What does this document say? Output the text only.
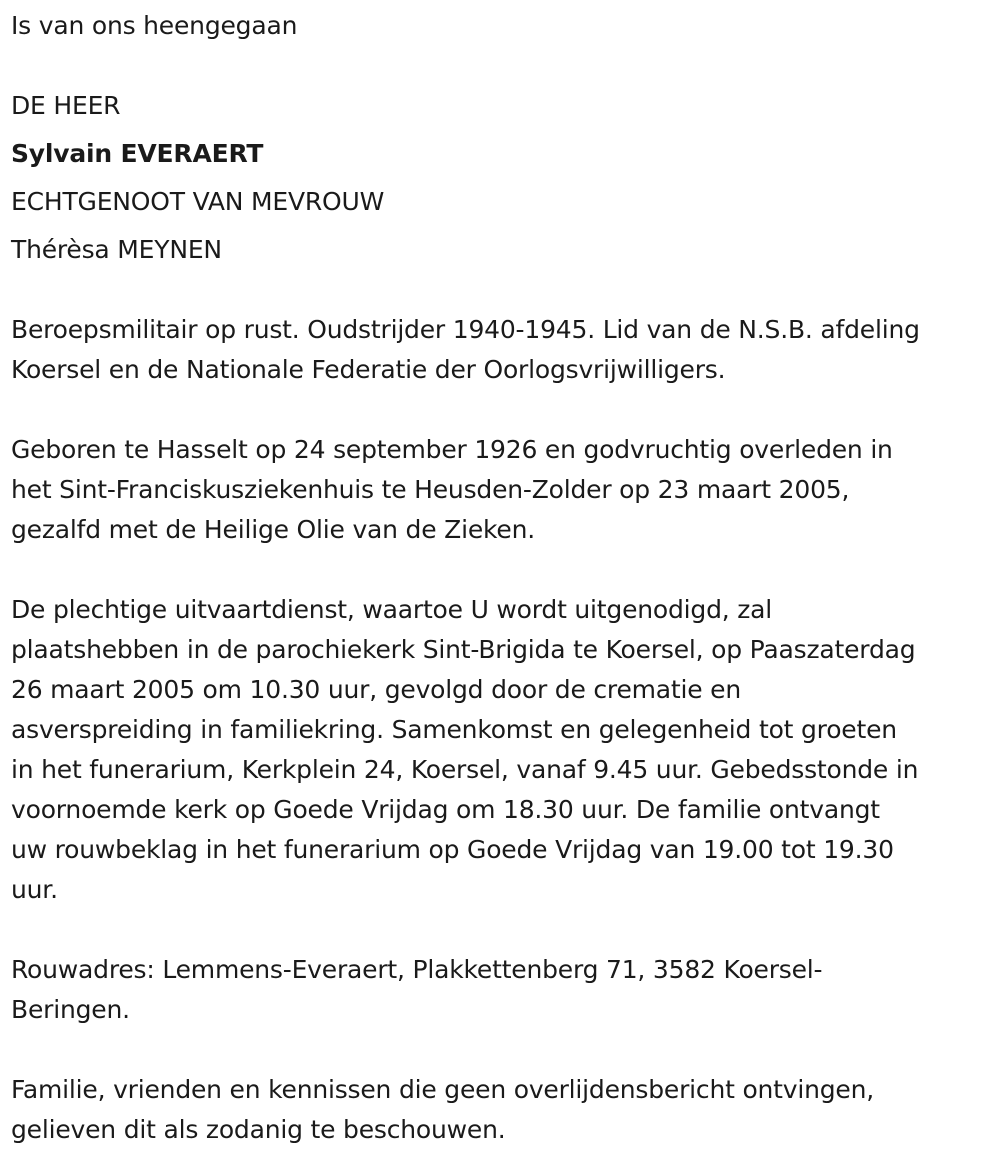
Is van ons heengegaan
DE HEER
Sylvain EVERAERT
ECHTGENOOT VAN MEVROUW
Thérèsa MEYNEN
Beroepsmilitair op rust. Oudstrijder 1940-1945. Lid van de N.S.B. afdeling
Koersel en de Nationale Federatie der Oorlogsvrijwilligers.
Geboren te Hasselt op 24 september 1926 en godvruchtig overleden in
het Sint-Franciskusziekenhuis te Heusden-Zolder op 23 maart 2005,
gezalfd met de Heilige Olie van de Zieken.
De plechtige uitvaartdienst, waartoe U wordt uitgenodigd, zal
plaatshebben in de parochiekerk Sint-Brigida te Koersel, op Paaszaterdag
26 maart 2005 om 10.30 uur, gevolgd door de crematie en
asverspreiding in familiekring. Samenkomst en gelegenheid tot groeten
in het funerarium, Kerkplein 24, Koersel, vanaf 9.45 uur. Gebedsstonde in
voornoemde kerk op Goede Vrijdag om 18.30 uur. De familie ontvangt
uw rouwbeklag in het funerarium op Goede Vrijdag van 19.00 tot 19.30
uur.
Rouwadres: Lemmens-Everaert, Plakkettenberg 71, 3582 Koersel-
Beringen.
Familie, vrienden en kennissen die geen overlijdensbericht ontvingen,
gelieven dit als zodanig te beschouwen.
